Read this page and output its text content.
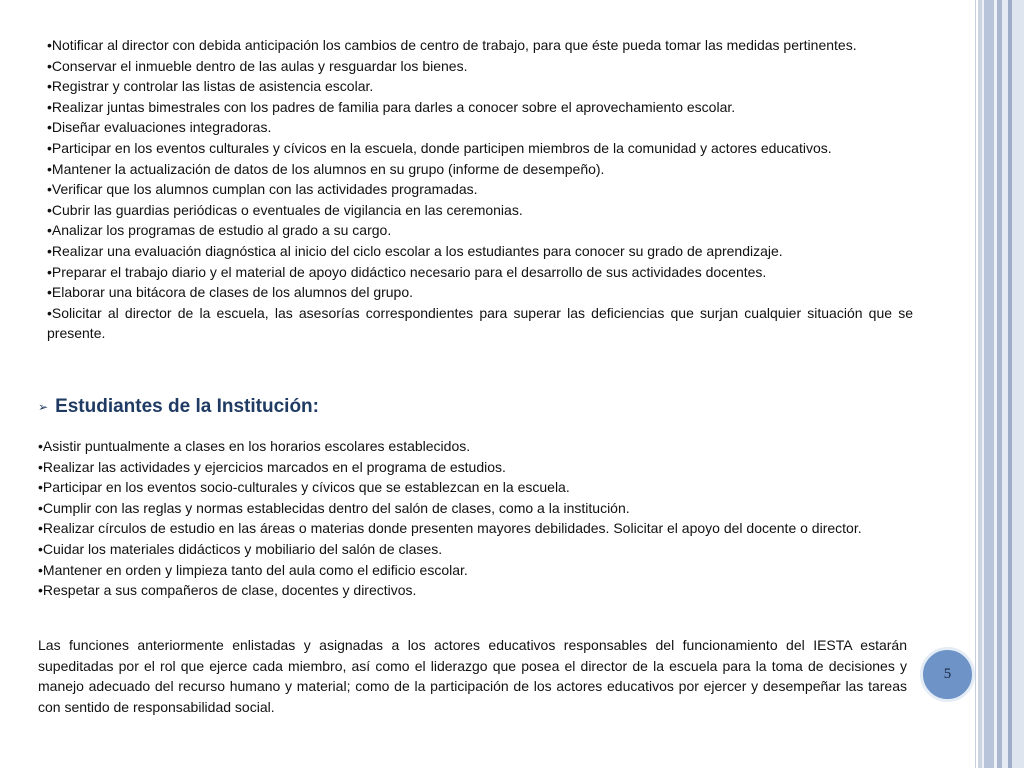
•Notificar al director con debida anticipación los cambios de centro de trabajo, para que éste pueda tomar las medidas pertinentes.

•Conservar el inmueble dentro de las aulas y resguardar los bienes.

•Registrar y controlar las listas de asistencia escolar.

•Realizar juntas bimestrales con los padres de familia para darles a conocer sobre el aprovechamiento escolar.

•Diseñar evaluaciones integradoras.

•Participar en los eventos culturales y cívicos en la escuela, donde participen miembros de la comunidad y actores educativos.

•Mantener la actualización de datos de los alumnos en su grupo (informe de desempeño).

•Verificar que los alumnos cumplan con las actividades programadas.

•Cubrir las guardias periódicas o eventuales de vigilancia en las ceremonias.

•Analizar los programas de estudio al grado a su cargo.

•Realizar una evaluación diagnóstica al inicio del ciclo escolar a los estudiantes para conocer su grado de aprendizaje.

•Preparar el trabajo diario y el material de apoyo didáctico necesario para el desarrollo de sus actividades docentes.

•Elaborar una bitácora de clases de los alumnos del grupo.

•Solicitar al director de la escuela, las asesorías correspondientes para superar las deficiencias que surjan cualquier situación que se presente.

➢ Estudiantes de la Institución:

•Asistir puntualmente a clases en los horarios escolares establecidos.

•Realizar las actividades y ejercicios marcados en el programa de estudios.

•Participar en los eventos socio-culturales y cívicos que se establezcan en la escuela.

•Cumplir con las reglas y normas establecidas dentro del salón de clases, como a la institución.

•Realizar círculos de estudio en las áreas o materias donde presenten mayores debilidades. Solicitar el apoyo del docente o director.

•Cuidar los materiales didácticos y mobiliario del salón de clases.

•Mantener en orden y limpieza tanto del aula como el edificio escolar.

•Respetar a sus compañeros de clase, docentes y directivos.

Las funciones anteriormente enlistadas y asignadas a los actores educativos responsables del funcionamiento del IESTA estarán supeditadas por el rol que ejerce cada miembro, así como el liderazgo que posea el director de la escuela para la toma de decisiones y manejo adecuado del recurso humano y material; como de la participación de los actores educativos por ejercer y desempeñar las tareas con sentido de responsabilidad social.

5
